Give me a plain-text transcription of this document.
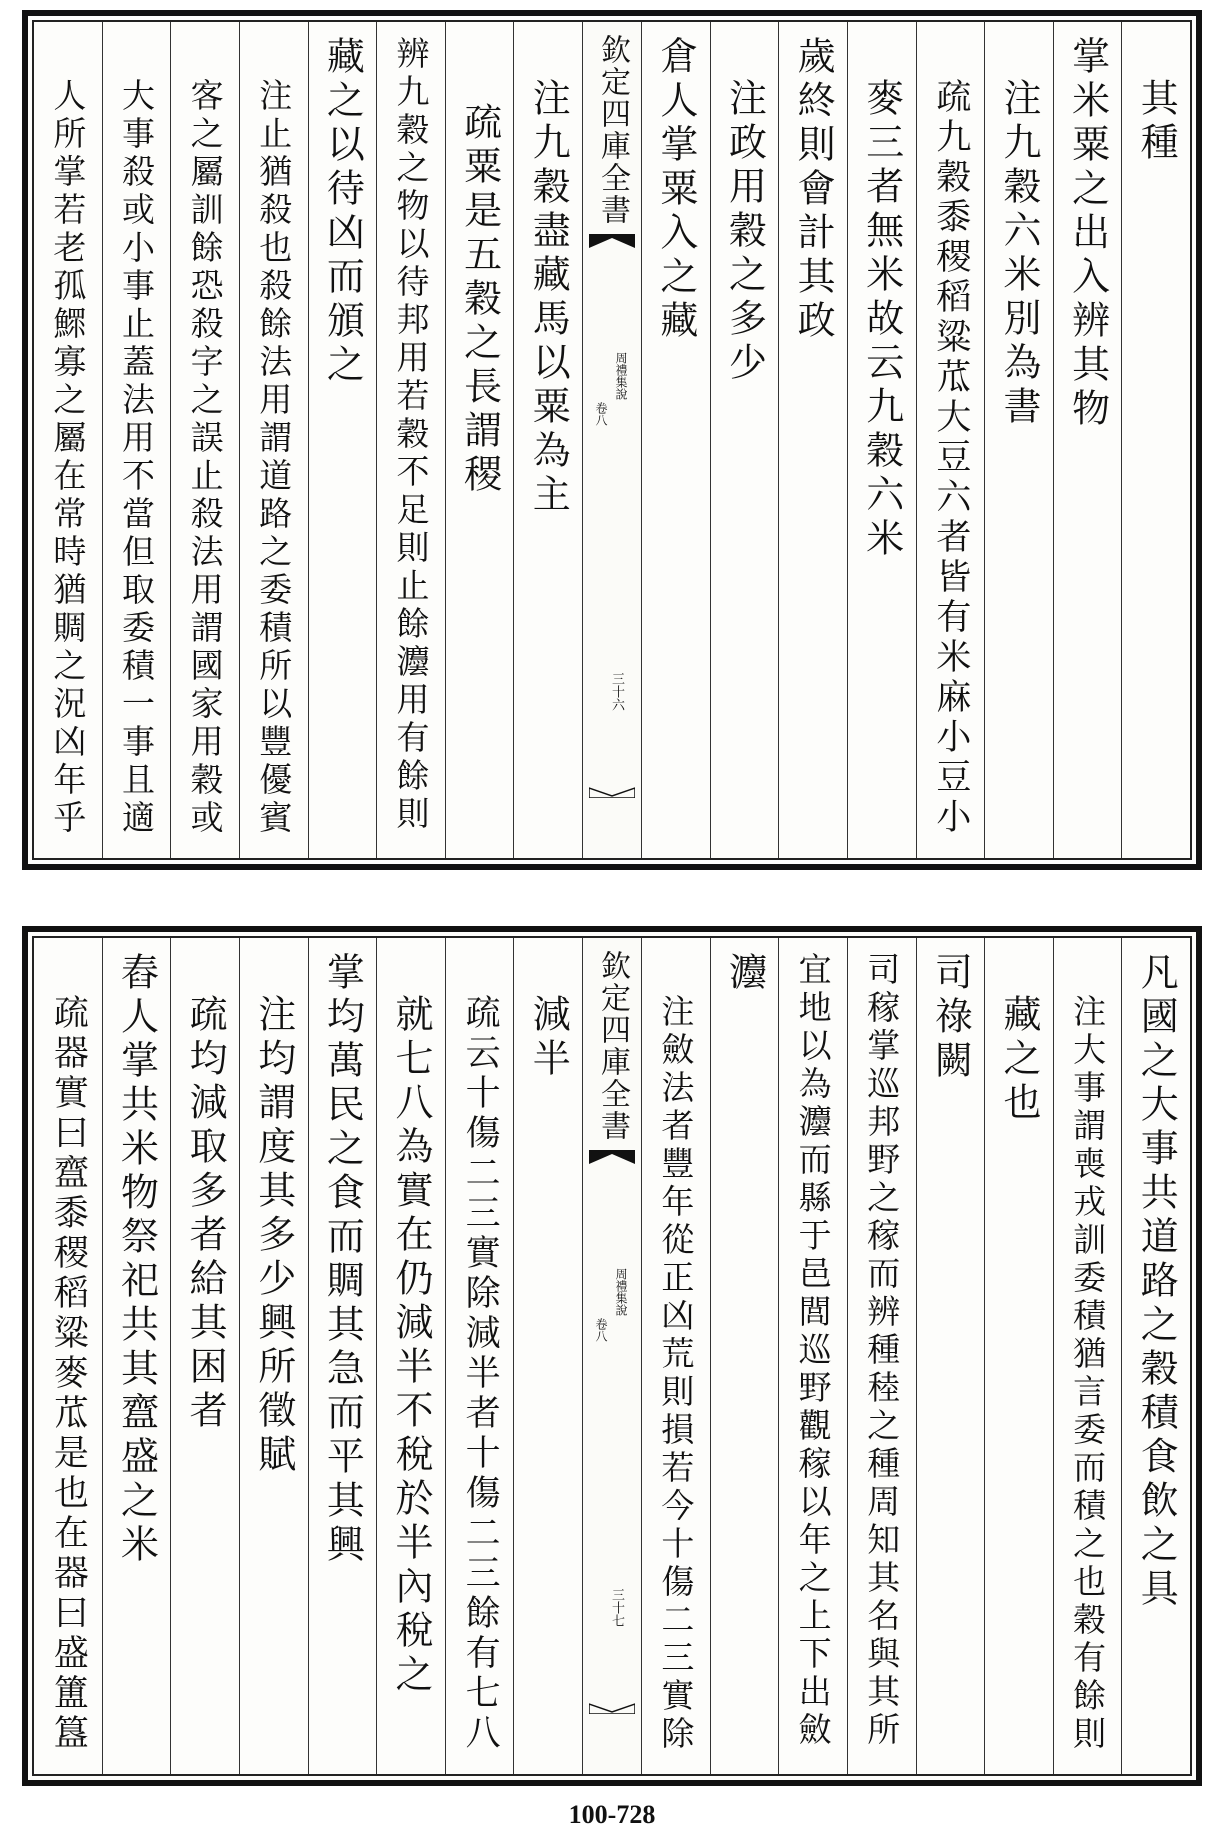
其種
掌米粟之出入辨其物
注九穀六米別為書
疏九穀黍稷稻粱苽大豆六者皆有米麻小豆小
麥三者無米故云九穀六米
歲終則會計其政
注政用穀之多少
倉人掌粟入之藏
欽定四庫全書
周禮集說
卷八
三十六
注九穀盡藏馬以粟為主
疏粟是五穀之長謂稷
辨九穀之物以待邦用若穀不足則止餘灋用有餘則
藏之以待凶而頒之
注止猶殺也殺餘法用謂道路之委積所以豐優賓
客之屬訓餘恐殺字之誤止殺法用謂國家用穀或
大事殺或小事止蓋法用不當但取委積一事且適
人所掌若老孤鰥寡之屬在常時猶賙之況凶年乎
凡國之大事共道路之穀積食飲之具
注大事謂喪戎訓委積猶言委而積之也穀有餘則
藏之也
司祿闕
司稼掌巡邦野之稼而辨種稑之種周知其名與其所
宜地以為灋而縣于邑閭巡野觀稼以年之上下出斂
灋
注斂法者豐年從正凶荒則損若今十傷二三實除
欽定四庫全書
周禮集說
卷八
三十七
減半
疏云十傷二三實除減半者十傷二三餘有七八
就七八為實在仍減半不稅於半內稅之
掌均萬民之食而賙其急而平其興
注均謂度其多少興所徵賦
疏均減取多者給其困者
舂人掌共米物祭祀共其齍盛之米
疏器實曰齍黍稷稻粱麥苽是也在器曰盛簠簋
100-728
